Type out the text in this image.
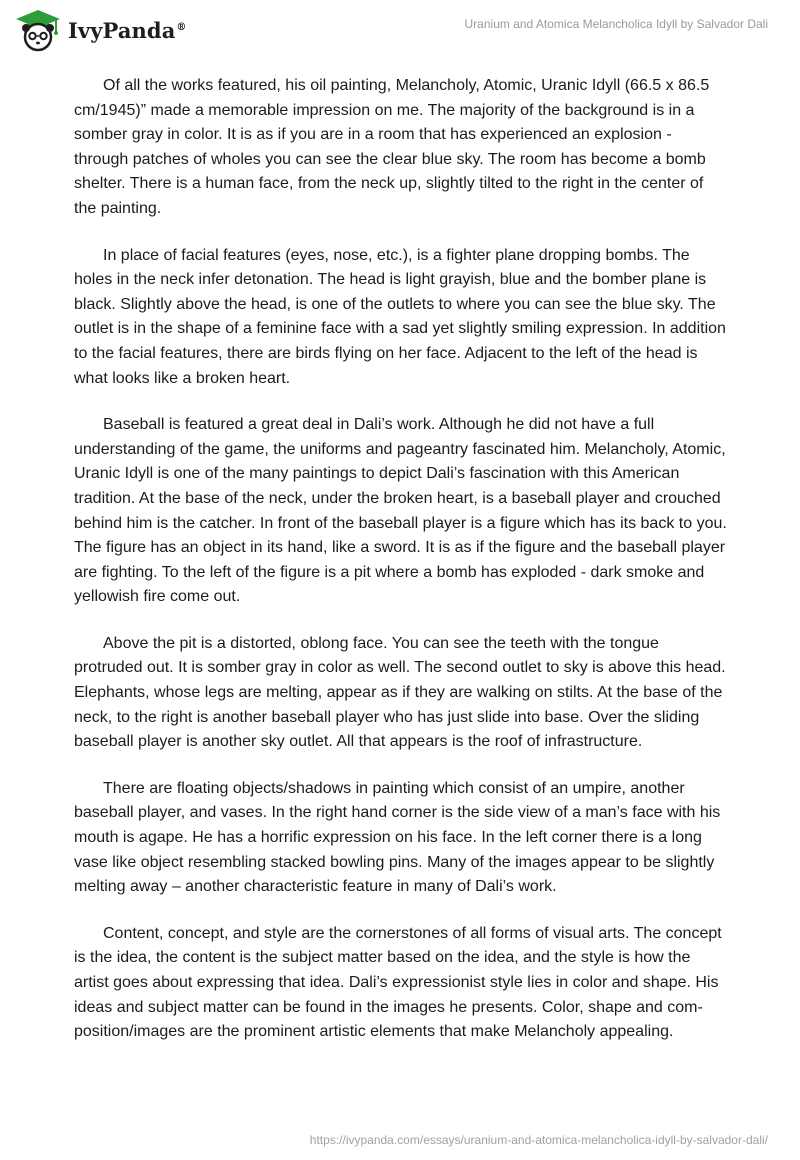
IvyPanda®	Uranium and Atomica Melancholica Idyll by Salvador Dali

Of all the works featured, his oil painting, Melancholy, Atomic, Uranic Idyll (66.5 x 86.5 cm/1945)” made a memorable impression on me. The majority of the background is in a somber gray in color. It is as if you are in a room that has experienced an explosion - through patches of wholes you can see the clear blue sky. The room has become a bomb shelter. There is a human face, from the neck up, slightly tilted to the right in the center of the painting.

In place of facial features (eyes, nose, etc.), is a fighter plane dropping bombs. The holes in the neck infer detonation. The head is light grayish, blue and the bomber plane is black. Slightly above the head, is one of the outlets to where you can see the blue sky. The outlet is in the shape of a feminine face with a sad yet slightly smiling expression. In addition to the facial features, there are birds flying on her face. Adjacent to the left of the head is what looks like a broken heart.

Baseball is featured a great deal in Dali’s work. Although he did not have a full understanding of the game, the uniforms and pageantry fascinated him. Melancholy, Atomic, Uranic Idyll is one of the many paintings to depict Dali’s fascination with this American tradition. At the base of the neck, under the broken heart, is a baseball player and crouched behind him is the catcher. In front of the baseball player is a figure which has its back to you. The figure has an object in its hand, like a sword. It is as if the figure and the baseball player are fighting. To the left of the figure is a pit where a bomb has exploded - dark smoke and yellowish fire come out.

Above the pit is a distorted, oblong face. You can see the teeth with the tongue protruded out. It is somber gray in color as well. The second outlet to sky is above this head. Elephants, whose legs are melting, appear as if they are walking on stilts. At the base of the neck, to the right is another baseball player who has just slide into base. Over the sliding baseball player is another sky outlet. All that appears is the roof of infrastructure.

There are floating objects/shadows in painting which consist of an umpire, another baseball player, and vases. In the right hand corner is the side view of a man’s face with his mouth is agape. He has a horrific expression on his face. In the left corner there is a long vase like object resembling stacked bowling pins. Many of the images appear to be slightly melting away – another characteristic feature in many of Dali’s work.

Content, concept, and style are the cornerstones of all forms of visual arts. The concept is the idea, the content is the subject matter based on the idea, and the style is how the artist goes about expressing that idea. Dali’s expressionist style lies in color and shape. His ideas and subject matter can be found in the images he presents. Color, shape and com-position/images are the prominent artistic elements that make Melancholy appealing.

https://ivypanda.com/essays/uranium-and-atomica-melancholica-idyll-by-salvador-dali/
